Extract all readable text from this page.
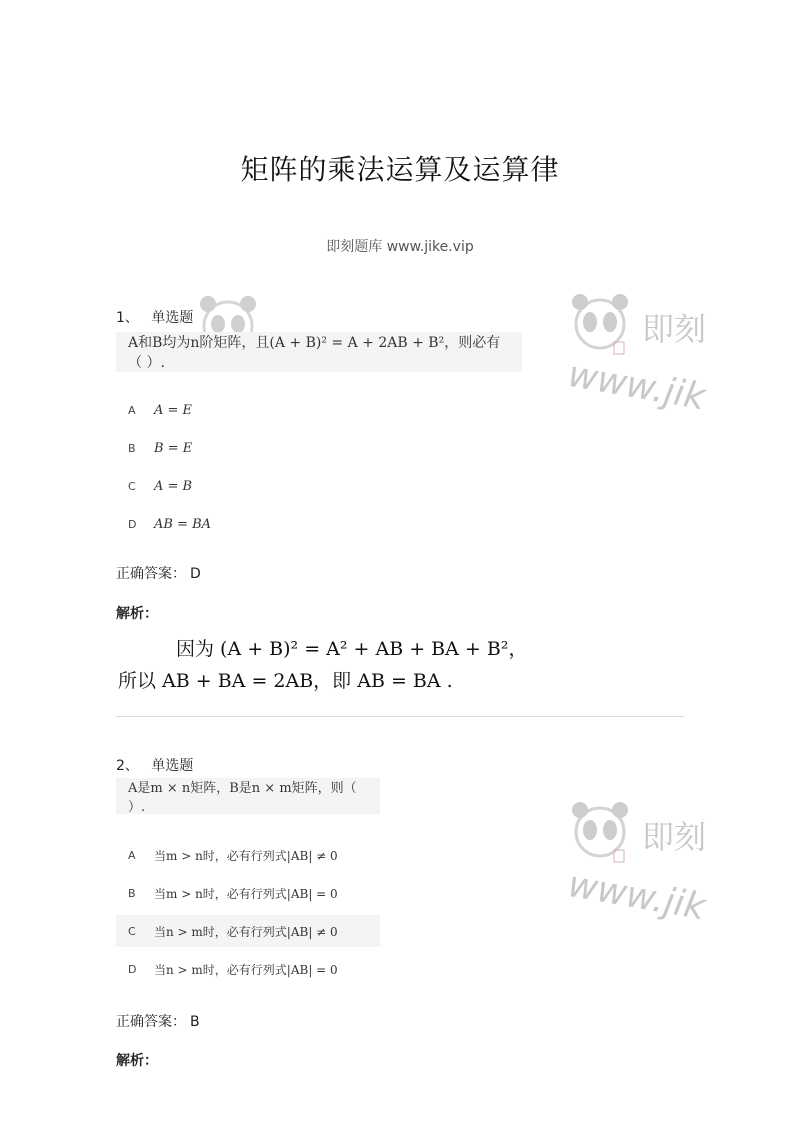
即刻
www.jik
即刻
www.jik
矩阵的乘法运算及运算律
即刻题库 www.jike.vip
1、 单选题
A和B均为n阶矩阵，且(A + B)² = A + 2AB + B²，则必有（ ）.
A	A = E
B	B = E
C	A = B
D	AB = BA
正确答案： D
解析：
因为 (A + B)² = A² + AB + BA + B²，
所以 AB + BA = 2AB，即 AB = BA .
2、 单选题
A是m × n矩阵，B是n × m矩阵，则（ ）.
A	当m > n时，必有行列式|AB| ≠ 0
B	当m > n时，必有行列式|AB| = 0
C	当n > m时，必有行列式|AB| ≠ 0
D	当n > m时，必有行列式|AB| = 0
正确答案： B
解析：
